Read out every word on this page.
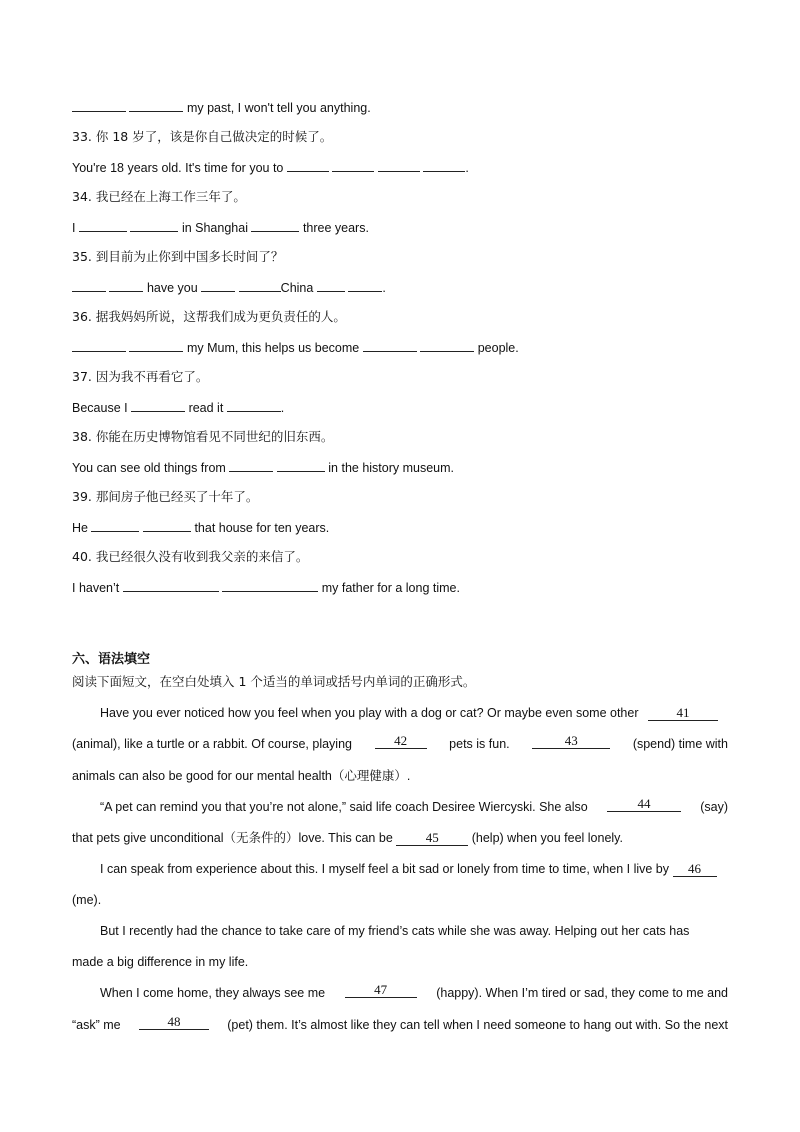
my past, I won't tell you anything.
33. 你 18 岁了，该是你自己做决定的时候了。
You're 18 years old. It's time for you to	.
34. 我已经在上海工作三年了。
I	in Shanghai	three years.
35. 到目前为止你到中国多长时间了？
have you	China	.
36. 据我妈妈所说，这帮我们成为更负责任的人。
my Mum, this helps us become	people.
37. 因为我不再看它了。
Because I	read it	.
38. 你能在历史博物馆看见不同世纪的旧东西。
You can see old things from	in the history museum.
39. 那间房子他已经买了十年了。
He	that house for ten years.
40. 我已经很久没有收到我父亲的来信了。
I haven’t	my father for a long time.
六、语法填空
阅读下面短文，在空白处填入 1 个适当的单词或括号内单词的正确形式。
Have you ever noticed how you feel when you play with a dog or cat? Or maybe even some other	41
(animal), like a turtle or a rabbit. Of course, playing	42	pets is fun.	43	(spend) time with
animals can also be good for our mental health（心理健康）.
“A pet can remind you that you’re not alone,” said life coach Desiree Wiercyski. She also	44	(say)
that pets give unconditional（无条件的）love. This can be	45	(help) when you feel lonely.
I can speak from experience about this. I myself feel a bit sad or lonely from time to time, when I live by 46
(me).
But I recently had the chance to take care of my friend’s cats while she was away. Helping out her cats has
made a big difference in my life.
When I come home, they always see me	47	(happy). When I’m tired or sad, they come to me and
“ask” me	48	(pet) them. It’s almost like they can tell when I need someone to hang out with. So the next
